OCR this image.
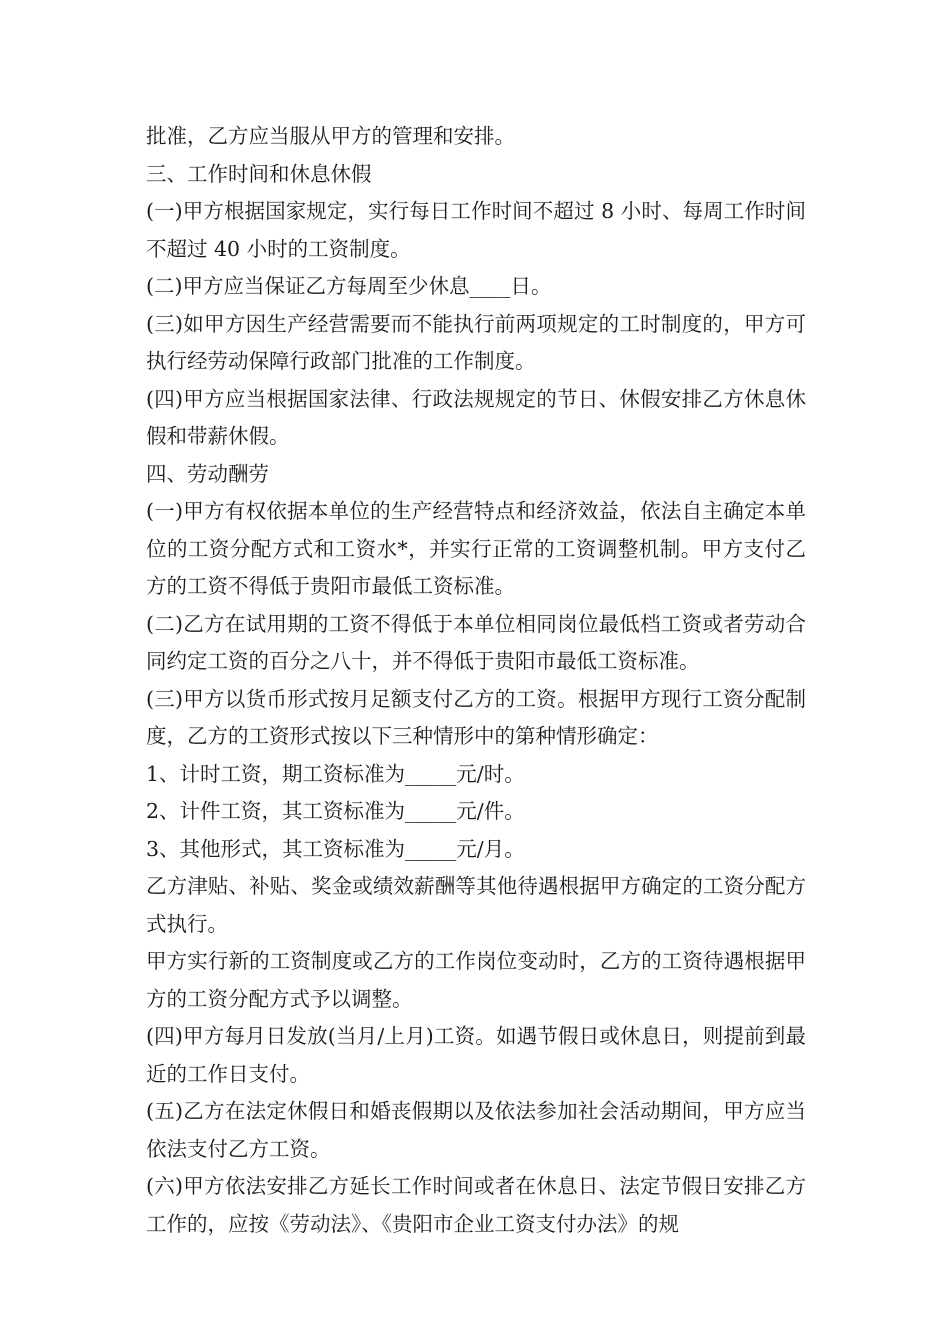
批准，乙方应当服从甲方的管理和安排。

三、工作时间和休息休假

(一)甲方根据国家规定，实行每日工作时间不超过 8 小时、每周工作时间不超过 40 小时的工资制度。

(二)甲方应当保证乙方每周至少休息____日。

(三)如甲方因生产经营需要而不能执行前两项规定的工时制度的，甲方可执行经劳动保障行政部门批准的工作制度。

(四)甲方应当根据国家法律、行政法规规定的节日、休假安排乙方休息休假和带薪休假。

四、劳动酬劳

(一)甲方有权依据本单位的生产经营特点和经济效益，依法自主确定本单位的工资分配方式和工资水*，并实行正常的工资调整机制。甲方支付乙方的工资不得低于贵阳市最低工资标准。

(二)乙方在试用期的工资不得低于本单位相同岗位最低档工资或者劳动合同约定工资的百分之八十，并不得低于贵阳市最低工资标准。

(三)甲方以货币形式按月足额支付乙方的工资。根据甲方现行工资分配制度，乙方的工资形式按以下三种情形中的第种情形确定：

1、计时工资，期工资标准为_____元/时。

2、计件工资，其工资标准为_____元/件。

3、其他形式，其工资标准为_____元/月。

乙方津贴、补贴、奖金或绩效薪酬等其他待遇根据甲方确定的工资分配方式执行。

甲方实行新的工资制度或乙方的工作岗位变动时，乙方的工资待遇根据甲方的工资分配方式予以调整。

(四)甲方每月日发放(当月/上月)工资。如遇节假日或休息日，则提前到最近的工作日支付。

(五)乙方在法定休假日和婚丧假期以及依法参加社会活动期间，甲方应当依法支付乙方工资。

(六)甲方依法安排乙方延长工作时间或者在休息日、法定节假日安排乙方工作的，应按《劳动法》、《贵阳市企业工资支付办法》的规
